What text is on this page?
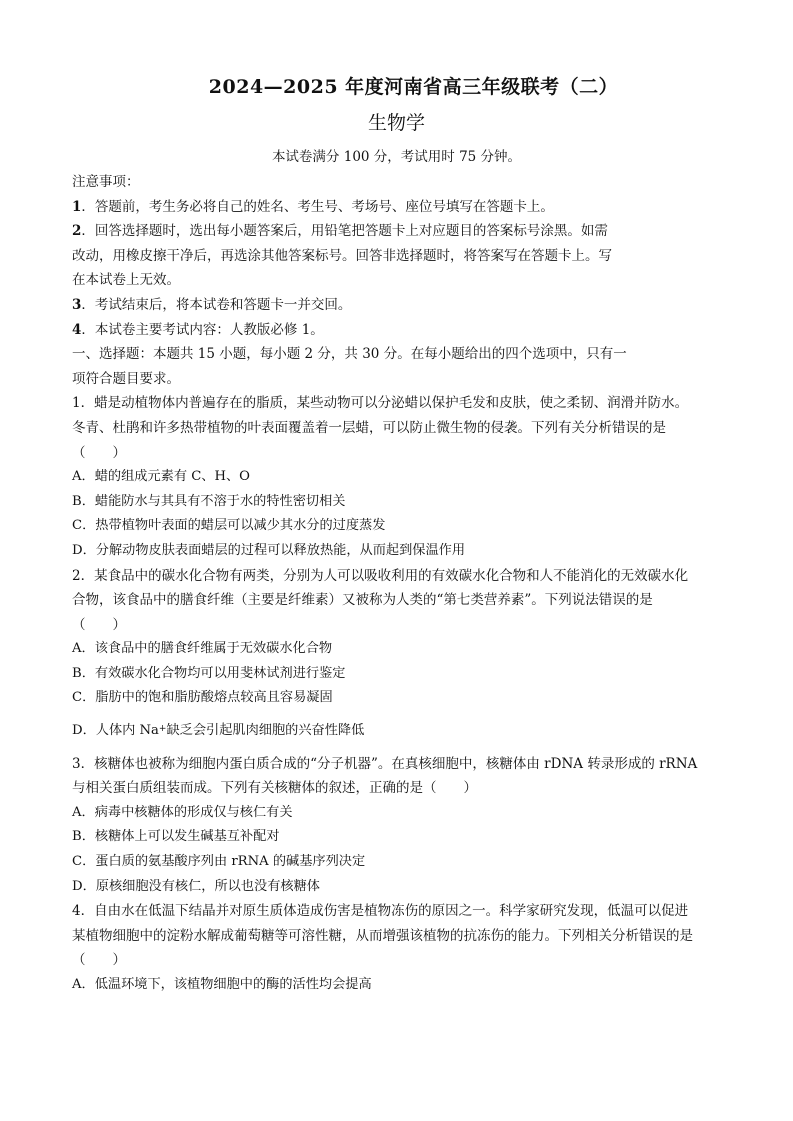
2024—2025 年度河南省高三年级联考（二）
生物学
本试卷满分 100 分，考试用时 75 分钟。

注意事项：

1．答题前，考生务必将自己的姓名、考生号、考场号、座位号填写在答题卡上。

2．回答选择题时，选出每小题答案后，用铅笔把答题卡上对应题目的答案标号涂黑。如需

改动，用橡皮擦干净后，再选涂其他答案标号。回答非选择题时，将答案写在答题卡上。写

在本试卷上无效。

3．考试结束后，将本试卷和答题卡一并交回。

4．本试卷主要考试内容：人教版必修 1。

一、选择题：本题共 15 小题，每小题 2 分，共 30 分。在每小题给出的四个选项中，只有一

项符合题目要求。

1．蜡是动植物体内普遍存在的脂质，某些动物可以分泌蜡以保护毛发和皮肤，使之柔韧、润滑并防水。

冬青、杜鹃和许多热带植物的叶表面覆盖着一层蜡，可以防止微生物的侵袭。下列有关分析错误的是

（　　）

A．蜡的组成元素有 C、H、O

B．蜡能防水与其具有不溶于水的特性密切相关

C．热带植物叶表面的蜡层可以减少其水分的过度蒸发

D．分解动物皮肤表面蜡层的过程可以释放热能，从而起到保温作用

2．某食品中的碳水化合物有两类，分别为人可以吸收利用的有效碳水化合物和人不能消化的无效碳水化

合物，该食品中的膳食纤维（主要是纤维素）又被称为人类的“第七类营养素”。下列说法错误的是

（　　）

A．该食品中的膳食纤维属于无效碳水化合物

B．有效碳水化合物均可以用斐林试剂进行鉴定

C．脂肪中的饱和脂肪酸熔点较高且容易凝固

D．人体内 Na+缺乏会引起肌肉细胞的兴奋性降低

3．核糖体也被称为细胞内蛋白质合成的“分子机器”。在真核细胞中，核糖体由 rDNA 转录形成的 rRNA

与相关蛋白质组装而成。下列有关核糖体的叙述，正确的是（　　）

A．病毒中核糖体的形成仅与核仁有关

B．核糖体上可以发生碱基互补配对

C．蛋白质的氨基酸序列由 rRNA 的碱基序列决定

D．原核细胞没有核仁，所以也没有核糖体

4．自由水在低温下结晶并对原生质体造成伤害是植物冻伤的原因之一。科学家研究发现，低温可以促进

某植物细胞中的淀粉水解成葡萄糖等可溶性糖，从而增强该植物的抗冻伤的能力。下列相关分析错误的是

（　　）

A．低温环境下，该植物细胞中的酶的活性均会提高
